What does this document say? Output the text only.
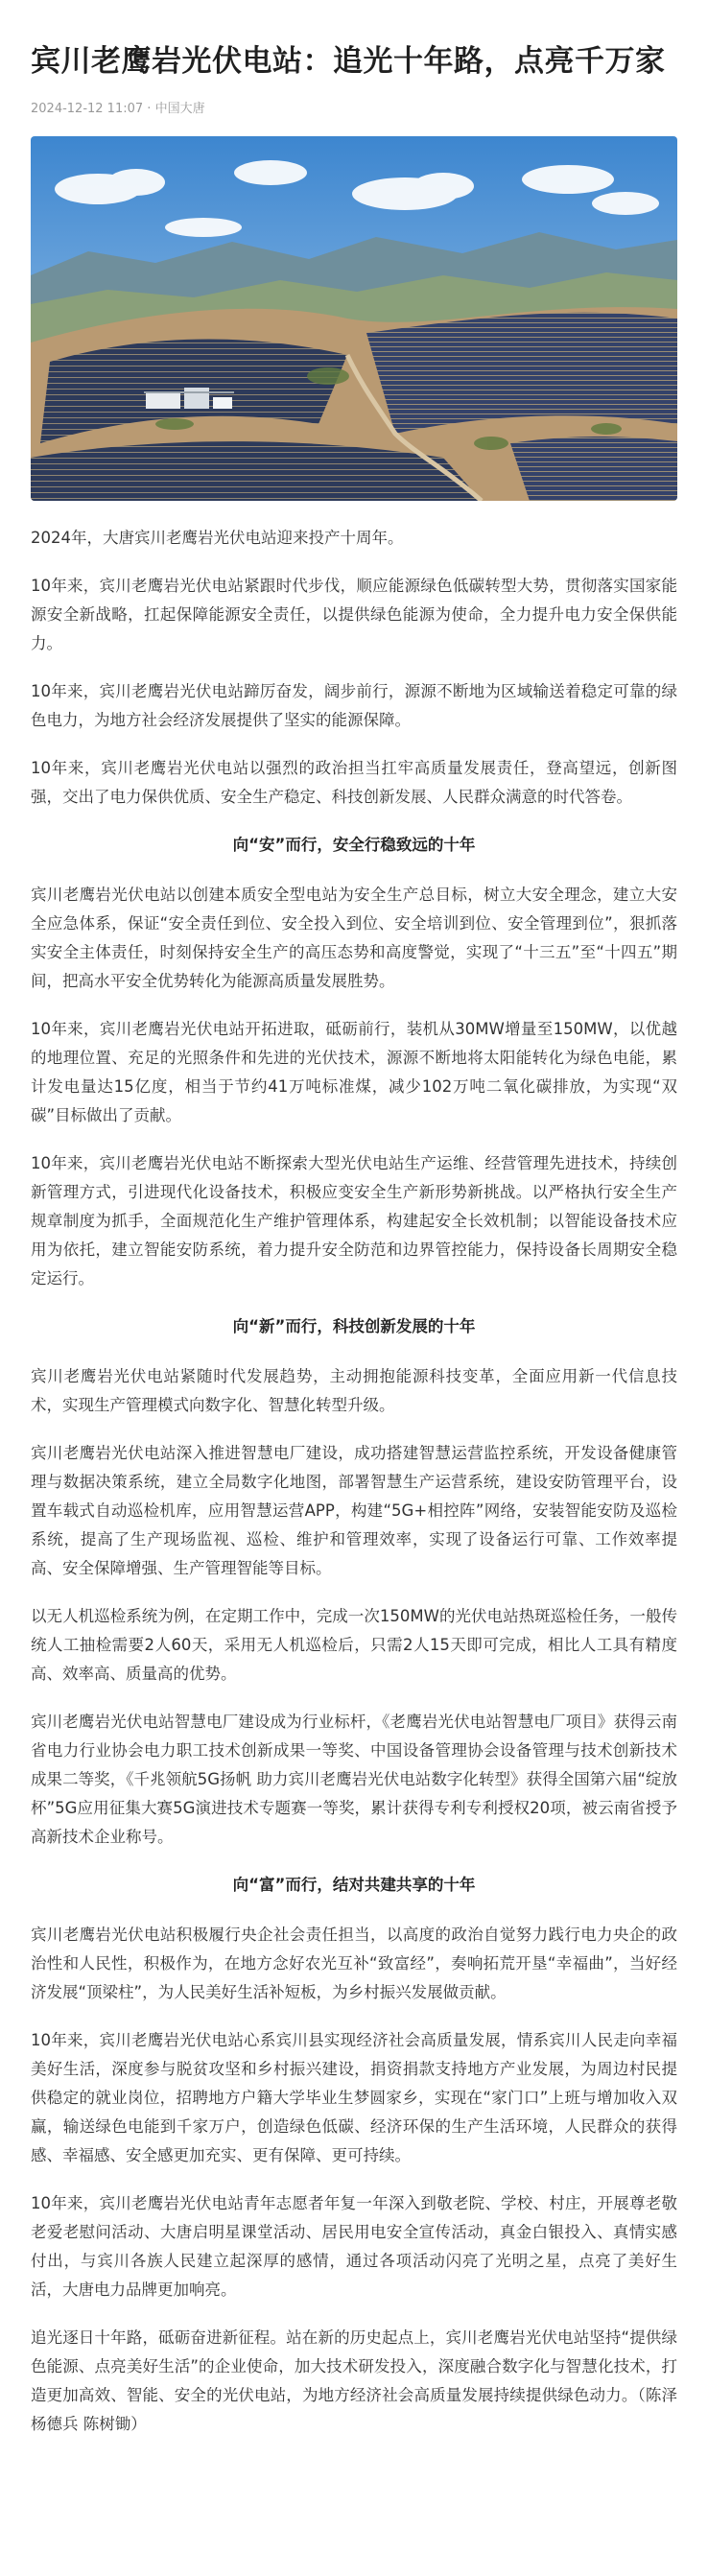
宾川老鹰岩光伏电站：追光十年路，点亮千万家
2024-12-12 11:07 · 中国大唐

2024年，大唐宾川老鹰岩光伏电站迎来投产十周年。

10年来，宾川老鹰岩光伏电站紧跟时代步伐，顺应能源绿色低碳转型大势，贯彻落实国家能源安全新战略，扛起保障能源安全责任，以提供绿色能源为使命，全力提升电力安全保供能力。

10年来，宾川老鹰岩光伏电站蹄厉奋发，阔步前行，源源不断地为区域输送着稳定可靠的绿色电力，为地方社会经济发展提供了坚实的能源保障。

10年来，宾川老鹰岩光伏电站以强烈的政治担当扛牢高质量发展责任，登高望远，创新图强，交出了电力保供优质、安全生产稳定、科技创新发展、人民群众满意的时代答卷。

向“安”而行，安全行稳致远的十年

宾川老鹰岩光伏电站以创建本质安全型电站为安全生产总目标，树立大安全理念，建立大安全应急体系，保证“安全责任到位、安全投入到位、安全培训到位、安全管理到位”，狠抓落实安全主体责任，时刻保持安全生产的高压态势和高度警觉，实现了“十三五”至“十四五”期间，把高水平安全优势转化为能源高质量发展胜势。

10年来，宾川老鹰岩光伏电站开拓进取，砥砺前行，装机从30MW增量至150MW，以优越的地理位置、充足的光照条件和先进的光伏技术，源源不断地将太阳能转化为绿色电能，累计发电量达15亿度，相当于节约41万吨标准煤，减少102万吨二氧化碳排放，为实现“双碳”目标做出了贡献。

10年来，宾川老鹰岩光伏电站不断探索大型光伏电站生产运维、经营管理先进技术，持续创新管理方式，引进现代化设备技术，积极应变安全生产新形势新挑战。以严格执行安全生产规章制度为抓手，全面规范化生产维护管理体系，构建起安全长效机制；以智能设备技术应用为依托，建立智能安防系统，着力提升安全防范和边界管控能力，保持设备长周期安全稳定运行。

向“新”而行，科技创新发展的十年

宾川老鹰岩光伏电站紧随时代发展趋势，主动拥抱能源科技变革，全面应用新一代信息技术，实现生产管理模式向数字化、智慧化转型升级。

宾川老鹰岩光伏电站深入推进智慧电厂建设，成功搭建智慧运营监控系统，开发设备健康管理与数据决策系统，建立全局数字化地图，部署智慧生产运营系统，建设安防管理平台，设置车载式自动巡检机库，应用智慧运营APP，构建“5G+相控阵”网络，安装智能安防及巡检系统，提高了生产现场监视、巡检、维护和管理效率，实现了设备运行可靠、工作效率提高、安全保障增强、生产管理智能等目标。

以无人机巡检系统为例，在定期工作中，完成一次150MW的光伏电站热斑巡检任务，一般传统人工抽检需要2人60天，采用无人机巡检后，只需2人15天即可完成，相比人工具有精度高、效率高、质量高的优势。

宾川老鹰岩光伏电站智慧电厂建设成为行业标杆，《老鹰岩光伏电站智慧电厂项目》获得云南省电力行业协会电力职工技术创新成果一等奖、中国设备管理协会设备管理与技术创新技术成果二等奖，《千兆领航5G扬帆 助力宾川老鹰岩光伏电站数字化转型》获得全国第六届“绽放杯”5G应用征集大赛5G演进技术专题赛一等奖，累计获得专利专利授权20项，被云南省授予高新技术企业称号。

向“富”而行，结对共建共享的十年

宾川老鹰岩光伏电站积极履行央企社会责任担当，以高度的政治自觉努力践行电力央企的政治性和人民性，积极作为，在地方念好农光互补“致富经”，奏响拓荒开垦“幸福曲”，当好经济发展“顶梁柱”，为人民美好生活补短板，为乡村振兴发展做贡献。

10年来，宾川老鹰岩光伏电站心系宾川县实现经济社会高质量发展，情系宾川人民走向幸福美好生活，深度参与脱贫攻坚和乡村振兴建设，捐资捐款支持地方产业发展，为周边村民提供稳定的就业岗位，招聘地方户籍大学毕业生梦圆家乡，实现在“家门口”上班与增加收入双赢，输送绿色电能到千家万户，创造绿色低碳、经济环保的生产生活环境，人民群众的获得感、幸福感、安全感更加充实、更有保障、更可持续。

10年来，宾川老鹰岩光伏电站青年志愿者年复一年深入到敬老院、学校、村庄，开展尊老敬老爱老慰问活动、大唐启明星课堂活动、居民用电安全宣传活动，真金白银投入、真情实感付出，与宾川各族人民建立起深厚的感情，通过各项活动闪亮了光明之星，点亮了美好生活，大唐电力品牌更加响亮。

追光逐日十年路，砥砺奋进新征程。站在新的历史起点上，宾川老鹰岩光伏电站坚持“提供绿色能源、点亮美好生活”的企业使命，加大技术研发投入，深度融合数字化与智慧化技术，打造更加高效、智能、安全的光伏电站，为地方经济社会高质量发展持续提供绿色动力。（陈泽 杨德兵 陈树锄）
